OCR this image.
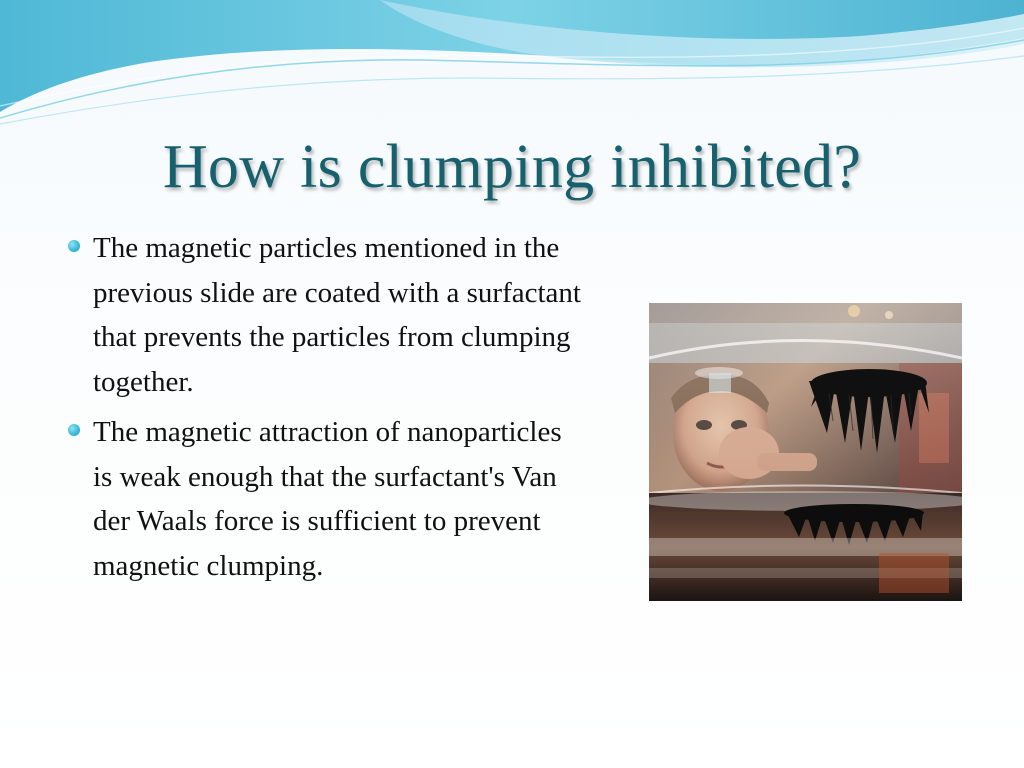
How is clumping inhibited?
The magnetic particles mentioned in the previous slide are coated with a surfactant that prevents the particles from clumping together.
The magnetic attraction of nanoparticles is weak enough that the surfactant's Van der Waals force is sufficient to prevent magnetic clumping.
